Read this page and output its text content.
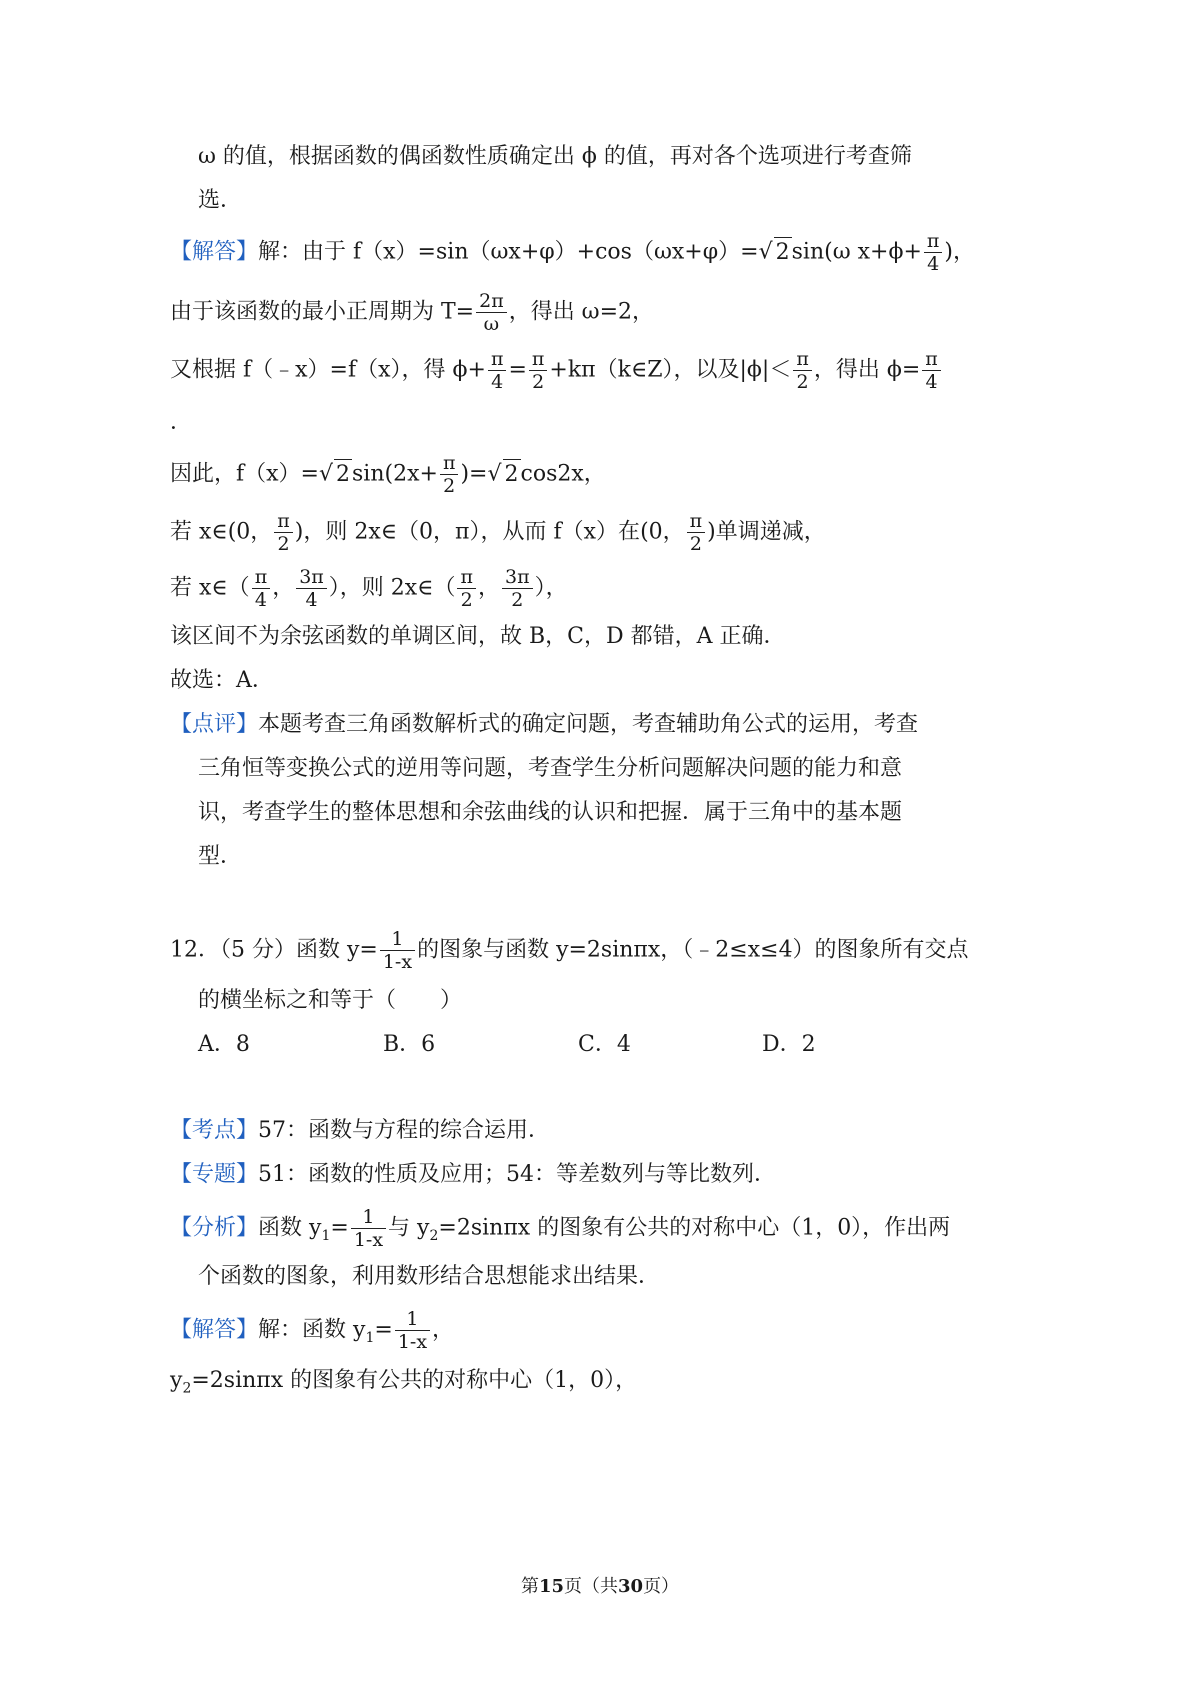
ω 的值，根据函数的偶函数性质确定出 ϕ 的值，再对各个选项进行考查筛
选．
【解答】解：由于 f（x）=sin（ωx+φ）+cos（ωx+φ）=√ 2sin(ω $x+\phi+ \frac{\pi}{4}$ )，
由于该函数的最小正周期为 $T= \frac{2\pi}{\omega}$ ，得出 ω=2，
又根据 f（﹣x）=f（x），得 $\phi+ \frac{\pi}{4} = \frac{\pi}{2}$ +kπ（k∈Z），以及$|\phi|< \frac{\pi}{2}$ ，得出 $\phi= \frac{\pi}{4}$
．
因此，f（x）=√ $2\sin(2x+ \frac{\pi}{2}$ )=√ 2cos2x，
若 x∈(0， $\frac{\pi}{2}$ )，则 2x∈（0，π），从而 f（x）在(0， $\frac{\pi}{2}$ )单调递减，
若 x∈（ $\frac{\pi}{4}$ ， $\frac{3\pi}{4}$ ），则 2x∈（ $\frac{\pi}{2}$ ， $\frac{3\pi}{2}$ ），
该区间不为余弦函数的单调区间，故 B，C，D 都错，A 正确．
故选：A．
【点评】本题考查三角函数解析式的确定问题，考查辅助角公式的运用，考查
三角恒等变换公式的逆用等问题，考查学生分析问题解决问题的能力和意
识，考查学生的整体思想和余弦曲线的认识和把握．属于三角中的基本题
型．
12．（5 分）函数 $y= \frac{1}{1-x}$ 的图象与函数 y=2sinπx，（﹣2≤x≤4）的图象所有交点
的横坐标之和等于（　　）
A．8	B．6	C．4	D．2
【考点】57：函数与方程的综合运用．
【专题】51：函数的性质及应用；54：等差数列与等比数列．
【分析】函数 $y_1= \frac{1}{1-x}$ 与 $y_2=2\sin\pi x$ 的图象有公共的对称中心（1，0），作出两
个函数的图象，利用数形结合思想能求出结果．
【解答】解：函数 $y_1= \frac{1}{1-x}$ ，
$y_2=2\sin\pi x$ 的图象有公共的对称中心（1，0），
第15页（共30页）
